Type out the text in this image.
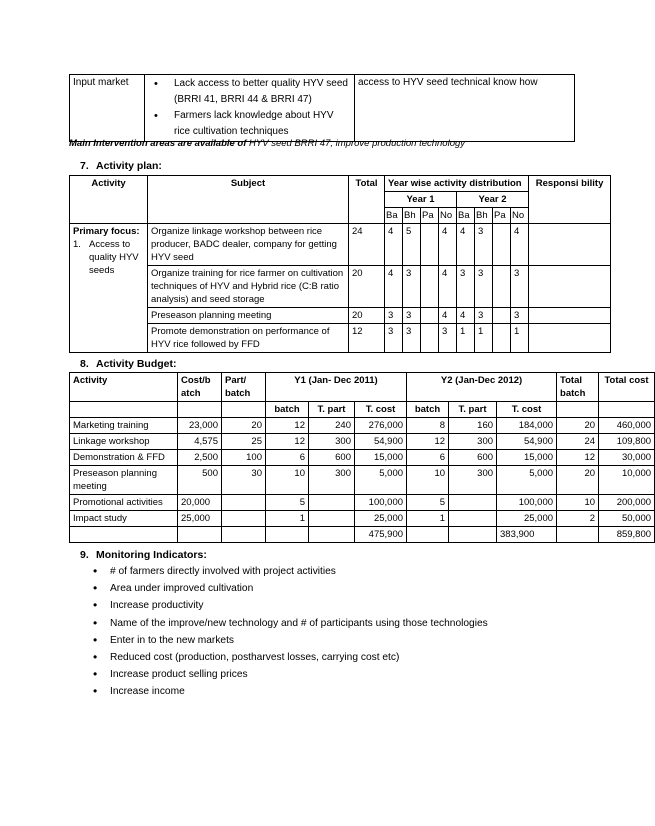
Input market	
•Lack access to better quality HYV seed (BRRI 41, BRRI 44 & BRRI 47)
• Farmers lack knowledge about HYV rice cultivation techniques
	access to HYV seed technical know how
Main Intervention areas are available of HYV seed BRRI 47, improve production technology
7. Activity plan:
Activity	Subject	Total	Year wise activity distribution								Responsi bility
			Year 1				Year 2				
			Ba	Bh	Pa	No	Ba	Bh	Pa	No	

Primary focus:
1. Access to quality HYV seeds	Organize linkage workshop between rice producer, BADC dealer, company for getting HYV seed	24	4	5		4	4	3		4	
	Organize training for rice farmer on cultivation techniques of HYV and Hybrid rice (C:B ratio analysis) and seed storage	20	4	3		4	3	3		3	
	Preseason planning meeting	20	3	3		4	4	3		3	
	Promote demonstration on performance of HYV rice followed by FFD	12	3	3		3	1	1		1	
8. Activity Budget:
Activity	Cost/b atch	Part/ batch	Y1 (Jan- Dec 2011)			Y2 (Jan-Dec 2012)			Total batch	Total cost
			batch	T. part	T. cost	batch	T. part	T. cost		
Marketing training	23,000	20	12	240	276,000	8	160	184,000	20	460,000
Linkage workshop	4,575	25	12	300	54,900	12	300	54,900	24	109,800
Demonstration & FFD	2,500	100	6	600	15,000	6	600	15,000	12	30,000
Preseason planning meeting	500	30	10	300	5,000	10	300	5,000	20	10,000
Promotional activities	20,000		5		100,000	5		100,000	10	200,000
Impact study	25,000		1		25,000	1		25,000	2	50,000
					475,900			383,900		859,800
9. Monitoring Indicators:
• # of farmers directly involved with project activities
• Area under improved cultivation
• Increase productivity
• Name of the improve/new technology and # of participants using those technologies
• Enter in to the new markets
• Reduced cost (production, postharvest losses, carrying cost etc)
• Increase product selling prices
• Increase income
